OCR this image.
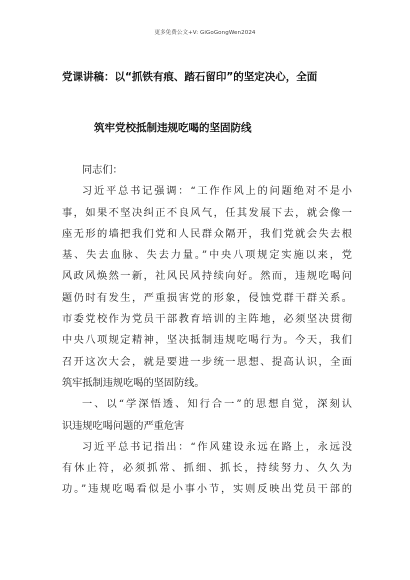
更多免费公文+V: GiGoGongWen2024
党课讲稿：以“抓铁有痕、踏石留印”的坚定决心，全面
筑牢党校抵制违规吃喝的坚固防线
同志们：
习近平总书记强调：“工作作风上的问题绝对不是小
事，如果不坚决纠正不良风气，任其发展下去，就会像一
座无形的墙把我们党和人民群众隔开，我们党就会失去根
基、失去血脉、失去力量。”中央八项规定实施以来，党
风政风焕然一新，社风民风持续向好。然而，违规吃喝问
题仍时有发生，严重损害党的形象，侵蚀党群干群关系。
市委党校作为党员干部教育培训的主阵地，必须坚决贯彻
中央八项规定精神，坚决抵制违规吃喝行为。今天，我们
召开这次大会，就是要进一步统一思想、提高认识，全面
筑牢抵制违规吃喝的坚固防线。
一、以“学深悟透、知行合一”的思想自觉，深刻认
识违规吃喝问题的严重危害
习近平总书记指出：“作风建设永远在路上，永远没
有休止符，必须抓常、抓细、抓长，持续努力、久久为
功。”违规吃喝看似是小事小节，实则反映出党员干部的
